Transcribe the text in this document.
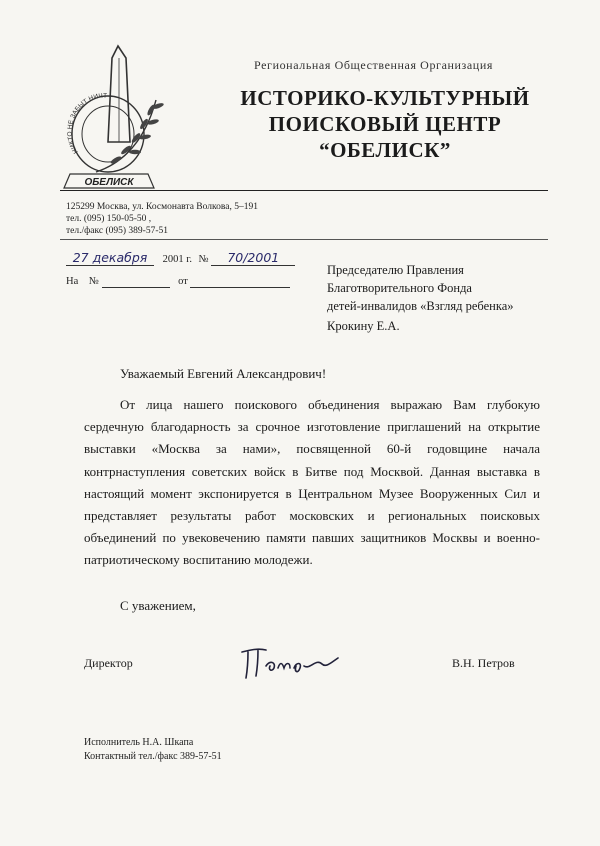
ОБЕЛИСК
НИКТО НЕ ЗАБЫТ НИЧТ
Региональная Общественная Организация
ИСТОРИКО-КУЛЬТУРНЫЙ
ПОИСКОВЫЙ ЦЕНТР
“ОБЕЛИСК”
125299 Москва, ул. Космонавта Волкова, 5–191
тел. (095) 150-05-50 ,
тел./факс (095) 389-57-51
27 декабря 2001 г. № 70/2001
На №	от
Председателю Правления
Благотворительного Фонда
детей-инвалидов «Взгляд ребенка»
Крокину Е.А.
Уважаемый Евгений Александрович!
От лица нашего поискового объединения выражаю Вам глубокую сердечную благодарность за срочное изготовление приглашений на открытие выставки «Москва за нами», посвященной 60-й годовщине начала контрнаступления советских войск в Битве под Москвой. Данная выставка в настоящий момент экспонируется в Центральном Музее Вооруженных Сил и представляет результаты работ московских и региональных поисковых объединений по увековечению памяти павших защитников Москвы и военно-патриотическому воспитанию молодежи.
С уважением,
Директор	В.Н. Петров
Исполнитель Н.А. Шкапа
Контактный тел./факс 389-57-51
